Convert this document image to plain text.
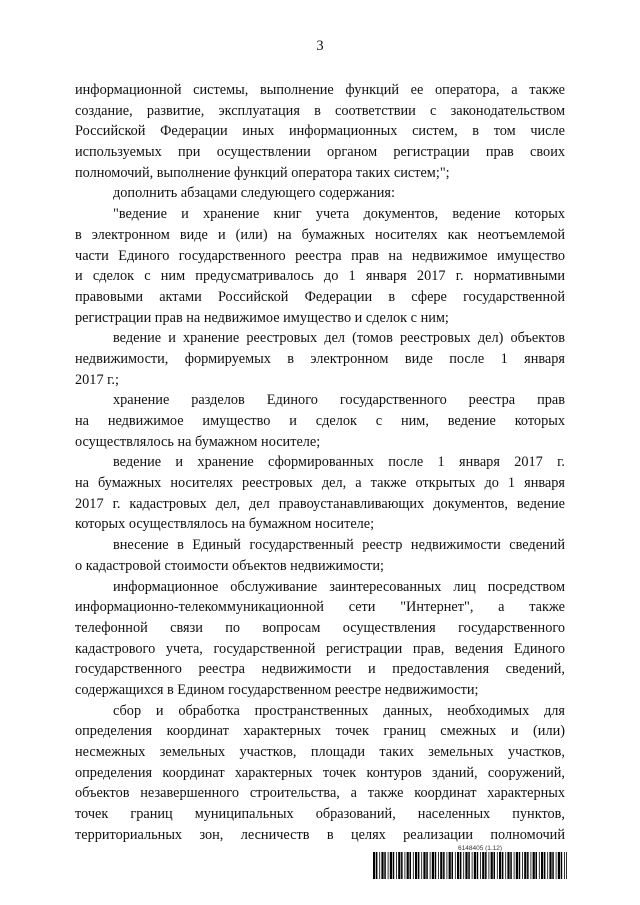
3
информационной системы, выполнение функций ее оператора, а также
создание, развитие, эксплуатация в соответствии с законодательством
Российской Федерации иных информационных систем, в том числе
используемых при осуществлении органом регистрации прав своих
полномочий, выполнение функций оператора таких систем;";
дополнить абзацами следующего содержания:
"ведение и хранение книг учета документов, ведение которых
в электронном виде и (или) на бумажных носителях как неотъемлемой
части Единого государственного реестра прав на недвижимое имущество
и сделок с ним предусматривалось до 1 января 2017 г. нормативными
правовыми актами Российской Федерации в сфере государственной
регистрации прав на недвижимое имущество и сделок с ним;
ведение и хранение реестровых дел (томов реестровых дел) объектов
недвижимости, формируемых в электронном виде после 1 января
2017 г.;
хранение разделов Единого государственного реестра прав
на недвижимое имущество и сделок с ним, ведение которых
осуществлялось на бумажном носителе;
ведение и хранение сформированных после 1 января 2017 г.
на бумажных носителях реестровых дел, а также открытых до 1 января
2017 г. кадастровых дел, дел правоустанавливающих документов, ведение
которых осуществлялось на бумажном носителе;
внесение в Единый государственный реестр недвижимости сведений
о кадастровой стоимости объектов недвижимости;
информационное обслуживание заинтересованных лиц посредством
информационно-телекоммуникационной сети "Интернет", а также
телефонной связи по вопросам осуществления государственного
кадастрового учета, государственной регистрации прав, ведения Единого
государственного реестра недвижимости и предоставления сведений,
содержащихся в Едином государственном реестре недвижимости;
сбор и обработка пространственных данных, необходимых для
определения координат характерных точек границ смежных и (или)
несмежных земельных участков, площади таких земельных участков,
определения координат характерных точек контуров зданий, сооружений,
объектов незавершенного строительства, а также координат характерных
точек границ муниципальных образований, населенных пунктов,
территориальных зон, лесничеств в целях реализации полномочий
6148405 (1.12)
